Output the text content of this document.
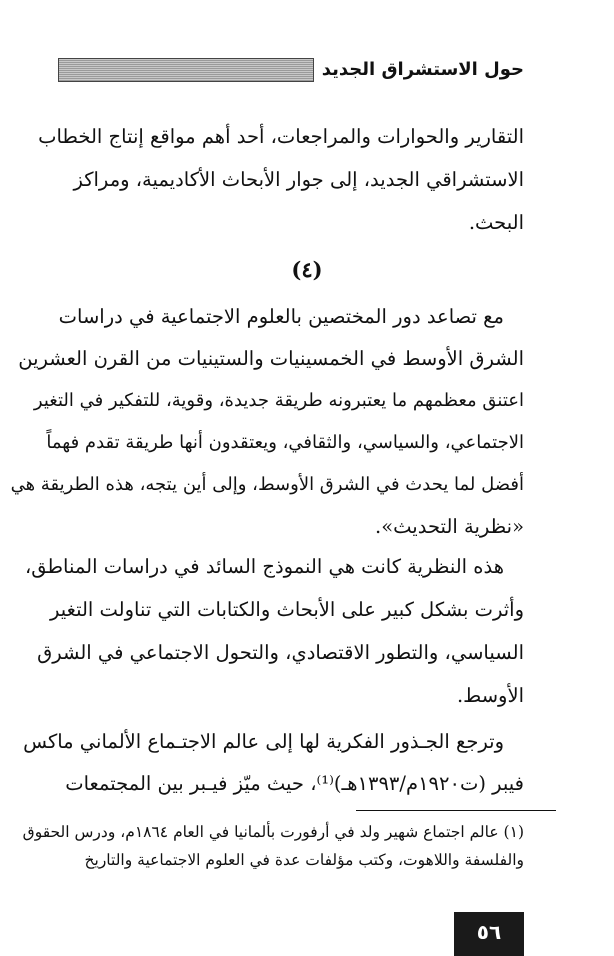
حول الاستشراق الجديد
التقارير والحوارات والمراجعات، أحد أهم مواقع إنتاج الخطاب
الاستشراقي الجديد، إلى جوار الأبحاث الأكاديمية، ومراكز
البحث.
(٤)
مع تصاعد دور المختصين بالعلوم الاجتماعية في دراسات
الشرق الأوسط في الخمسينيات والستينيات من القرن العشرين
اعتنق معظمهم ما يعتبرونه طريقة جديدة، وقوية، للتفكير في التغير
الاجتماعي، والسياسي، والثقافي، ويعتقدون أنها طريقة تقدم فهماً
أفضل لما يحدث في الشرق الأوسط، وإلى أين يتجه، هذه الطريقة هي
«نظرية التحديث».
هذه النظرية كانت هي النموذج السائد في دراسات المناطق،
وأثرت بشكل كبير على الأبحاث والكتابات التي تناولت التغير
السياسي، والتطور الاقتصادي، والتحول الاجتماعي في الشرق
الأوسط.
وترجع الجـذور الفكرية لها إلى عالم الاجتـماع الألماني ماكس
فيبر (ت١٩٢٠م/١٣٩٣هـ)⁽¹⁾، حيث ميّز فيـبر بين المجتمعات
(١) عالم اجتماع شهير ولد في أرفورت بألمانيا في العام ١٨٦٤م، ودرس الحقوق
والفلسفة واللاهوت، وكتب مؤلفات عدة في العلوم الاجتماعية والتاريخ
٥٦
